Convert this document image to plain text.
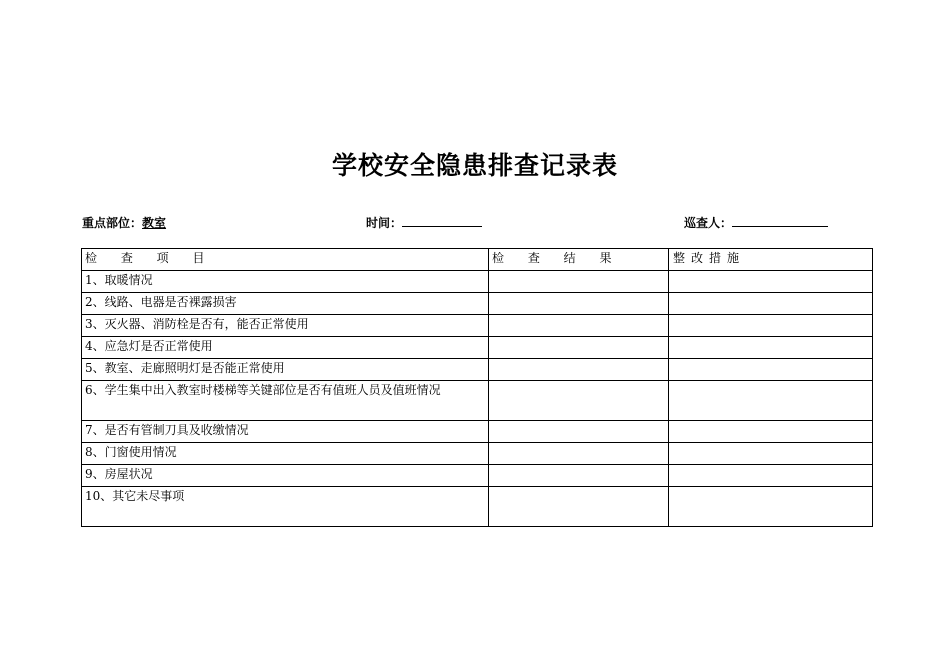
学校安全隐患排查记录表
重点部位：教室	时间：	巡查人：
检 查 项 目	检 查 结 果	整改措施
1、取暖情况		
2、线路、电器是否裸露损害		
3、灭火器、消防栓是否有，能否正常使用		
4、应急灯是否正常使用		
5、教室、走廊照明灯是否能正常使用		
6、学生集中出入教室时楼梯等关键部位是否有值班人员及值班情况		
7、是否有管制刀具及收缴情况		
8、门窗使用情况		
9、房屋状况		
10、其它未尽事项		
